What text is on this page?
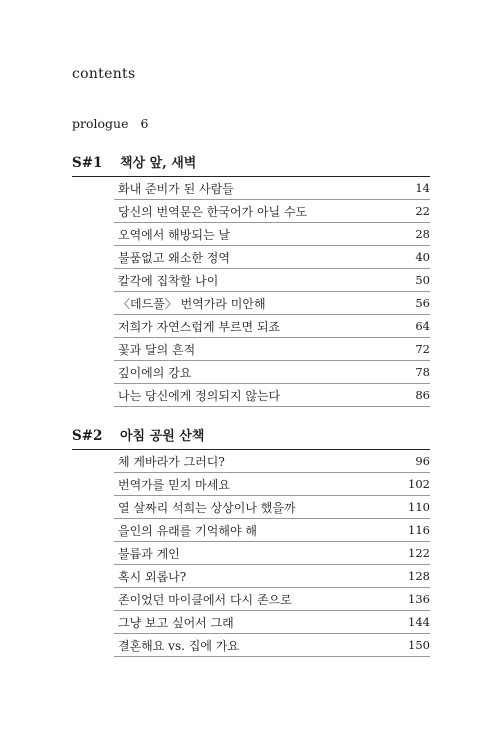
contents
prologue 6
S#1	책상 앞, 새벽
화내 준비가 된 사람들	14
당신의 번역문은 한국어가 아닐 수도	22
오역에서 해방되는 날	28
불품없고 왜소한 정역	40
칼각에 집착할 나이	50
〈데드풀〉 번역가라 미안해	56
저희가 자연스럽게 부르면 되죠	64
꽃과 달의 흔적	72
깊이에의 강요	78
나는 당신에게 정의되지 않는다	86
S#2	아침 공원 산책
체 게바라가 그러디?	96
번역가를 믿지 마세요	102
열 살짜리 석희는 상상이나 했을까	110
을인의 유래를 기억해야 해	116
불륨과 게인	122
혹시 외롭나?	128
존이었던 마이클에서 다시 존으로	136
그냥 보고 싶어서 그래	144
결혼해요 vs. 집에 가요	150
